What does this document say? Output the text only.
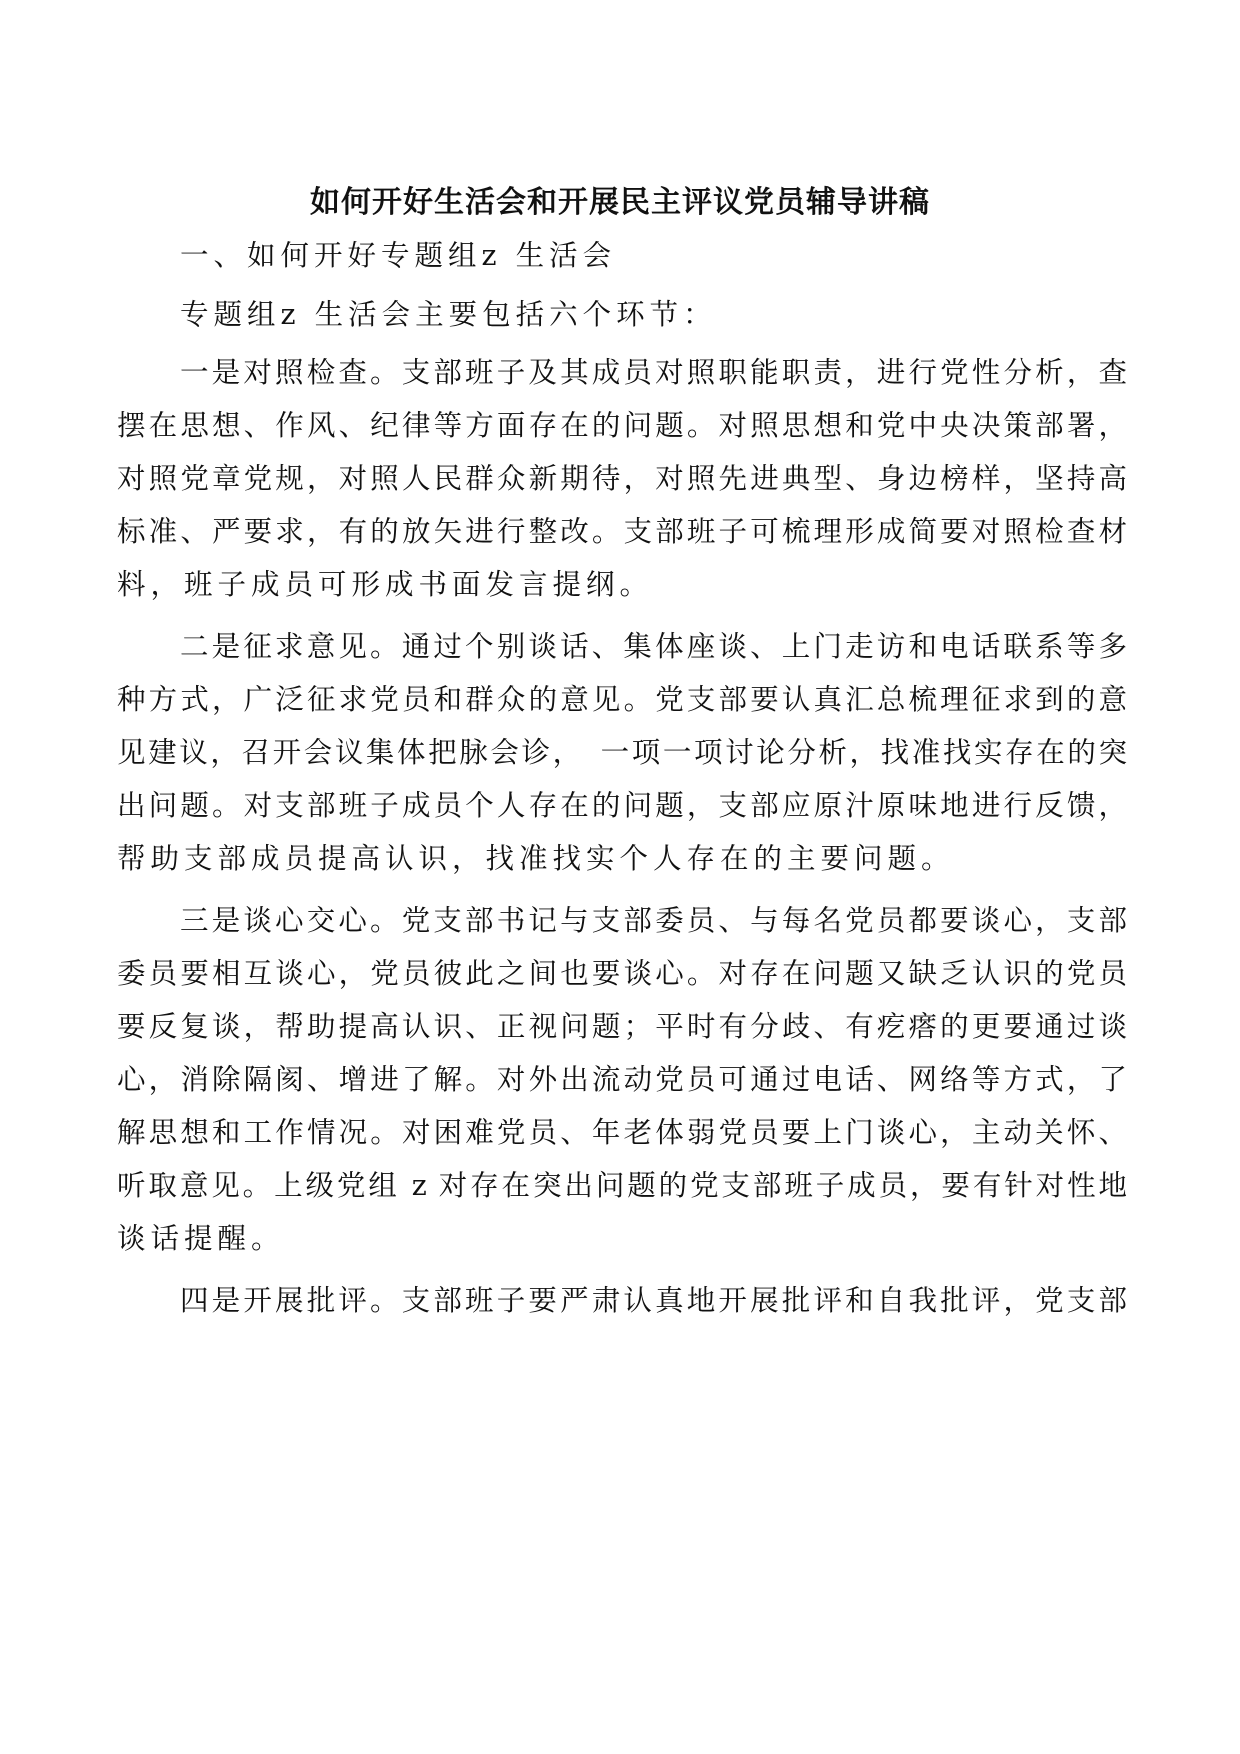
如何开好生活会和开展民主评议党员辅导讲稿

一、如何开好专题组z 生活会

专题组z 生活会主要包括六个环节：

一是对照检查。支部班子及其成员对照职能职责，进行党性分析，查

摆在思想、作风、纪律等方面存在的问题。对照思想和党中央决策部署，

对照党章党规，对照人民群众新期待，对照先进典型、身边榜样，坚持高

标准、严要求，有的放矢进行整改。支部班子可梳理形成简要对照检查材

料，班子成员可形成书面发言提纲。

二是征求意见。通过个别谈话、集体座谈、上门走访和电话联系等多

种方式，广泛征求党员和群众的意见。党支部要认真汇总梳理征求到的意

见建议，召开会议集体把脉会诊，　一项一项讨论分析，找准找实存在的突

出问题。对支部班子成员个人存在的问题，支部应原汁原味地进行反馈，

帮助支部成员提高认识，找准找实个人存在的主要问题。

三是谈心交心。党支部书记与支部委员、与每名党员都要谈心，支部

委员要相互谈心，党员彼此之间也要谈心。对存在问题又缺乏认识的党员

要反复谈，帮助提高认识、正视问题；平时有分歧、有疙瘩的更要通过谈

心，消除隔阂、增进了解。对外出流动党员可通过电话、网络等方式，了

解思想和工作情况。对困难党员、年老体弱党员要上门谈心，主动关怀、

听取意见。上级党组 z 对存在突出问题的党支部班子成员，要有针对性地

谈话提醒。

四是开展批评。支部班子要严肃认真地开展批评和自我批评，党支部
